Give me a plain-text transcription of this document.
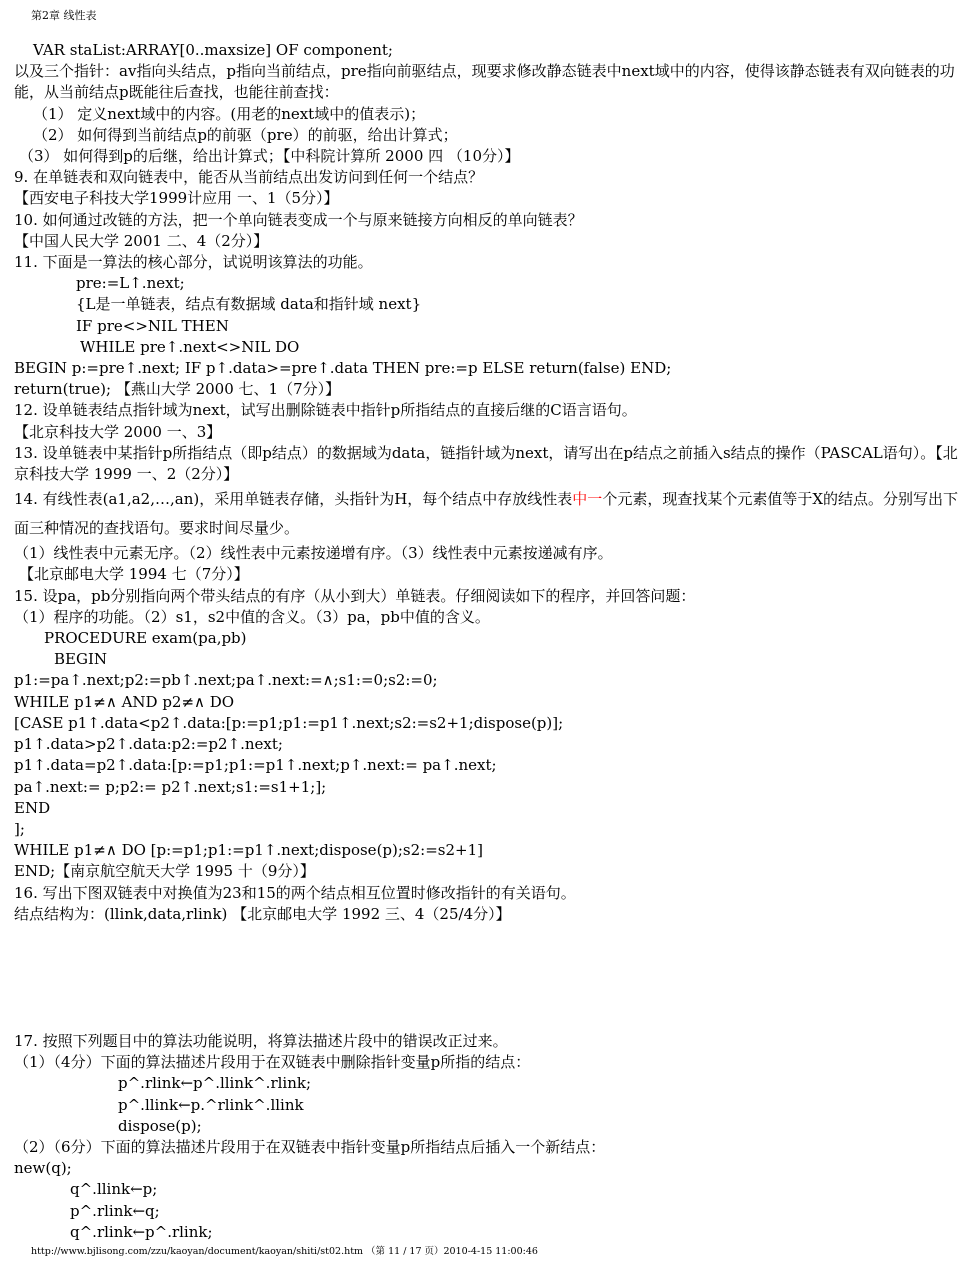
第2章 线性表
VAR staList:ARRAY[0..maxsize] OF component;
以及三个指针：av指向头结点，p指向当前结点，pre指向前驱结点，现要求修改静态链表中next域中的内容，使得该静态链表有双向链表的功能，从当前结点p既能往后查找，也能往前查找：
（1） 定义next域中的内容。(用老的next域中的值表示)；
（2） 如何得到当前结点p的前驱（pre）的前驱，给出计算式；
（3） 如何得到p的后继，给出计算式；【中科院计算所 2000 四 （10分）】
9. 在单链表和双向链表中，能否从当前结点出发访问到任何一个结点？
【西安电子科技大学1999计应用 一、1（5分）】
10. 如何通过改链的方法，把一个单向链表变成一个与原来链接方向相反的单向链表？
【中国人民大学 2001 二、4（2分）】
11. 下面是一算法的核心部分，试说明该算法的功能。
pre:=L↑.next;
{L是一单链表，结点有数据域 data和指针域 next}
IF pre<>NIL THEN
WHILE pre↑.next<>NIL DO
BEGIN p:=pre↑.next; IF p↑.data>=pre↑.data THEN pre:=p ELSE return(false) END;
return(true); 【燕山大学 2000 七、1（7分）】
12. 设单链表结点指针域为next，试写出删除链表中指针p所指结点的直接后继的C语言语句。
【北京科技大学 2000 一、3】
13. 设单链表中某指针p所指结点（即p结点）的数据域为data，链指针域为next，请写出在p结点之前插入s结点的操作（PASCAL语句）。【北京科技大学 1999 一、2（2分）】
14. 有线性表(a1,a2,…,an)，采用单链表存储，头指针为H，每个结点中存放线性表中一个元素，现查找某个元素值等于X的结点。分别写出下面三种情况的查找语句。要求时间尽量少。
（1）线性表中元素无序。（2）线性表中元素按递增有序。（3）线性表中元素按递减有序。
【北京邮电大学 1994 七（7分）】
15. 设pa，pb分别指向两个带头结点的有序（从小到大）单链表。仔细阅读如下的程序，并回答问题：
（1）程序的功能。（2）s1，s2中值的含义。（3）pa，pb中值的含义。
PROCEDURE exam(pa,pb)
BEGIN
p1:=pa↑.next;p2:=pb↑.next;pa↑.next:=∧;s1:=0;s2:=0;
WHILE p1≠∧ AND p2≠∧ DO
[CASE p1↑.data<p2↑.data:[p:=p1;p1:=p1↑.next;s2:=s2+1;dispose(p)];
p1↑.data>p2↑.data:p2:=p2↑.next;
p1↑.data=p2↑.data:[p:=p1;p1:=p1↑.next;p↑.next:= pa↑.next;
pa↑.next:= p;p2:= p2↑.next;s1:=s1+1;];
END
];
WHILE p1≠∧ DO [p:=p1;p1:=p1↑.next;dispose(p);s2:=s2+1]
END;【南京航空航天大学 1995 十（9分）】
16. 写出下图双链表中对换值为23和15的两个结点相互位置时修改指针的有关语句。
结点结构为：(llink,data,rlink) 【北京邮电大学 1992 三、4（25/4分）】
17. 按照下列题目中的算法功能说明，将算法描述片段中的错误改正过来。
（1）（4分）下面的算法描述片段用于在双链表中删除指针变量p所指的结点：
p^.rlink←p^.llink^.rlink;
p^.llink←p.^rlink^.llink
dispose(p);
（2）（6分）下面的算法描述片段用于在双链表中指针变量p所指结点后插入一个新结点：
new(q);
q^.llink←p;
p^.rlink←q;
q^.rlink←p^.rlink;
http://www.bjlisong.com/zzu/kaoyan/document/kaoyan/shiti/st02.htm （第 11 / 17 页）2010-4-15 11:00:46
